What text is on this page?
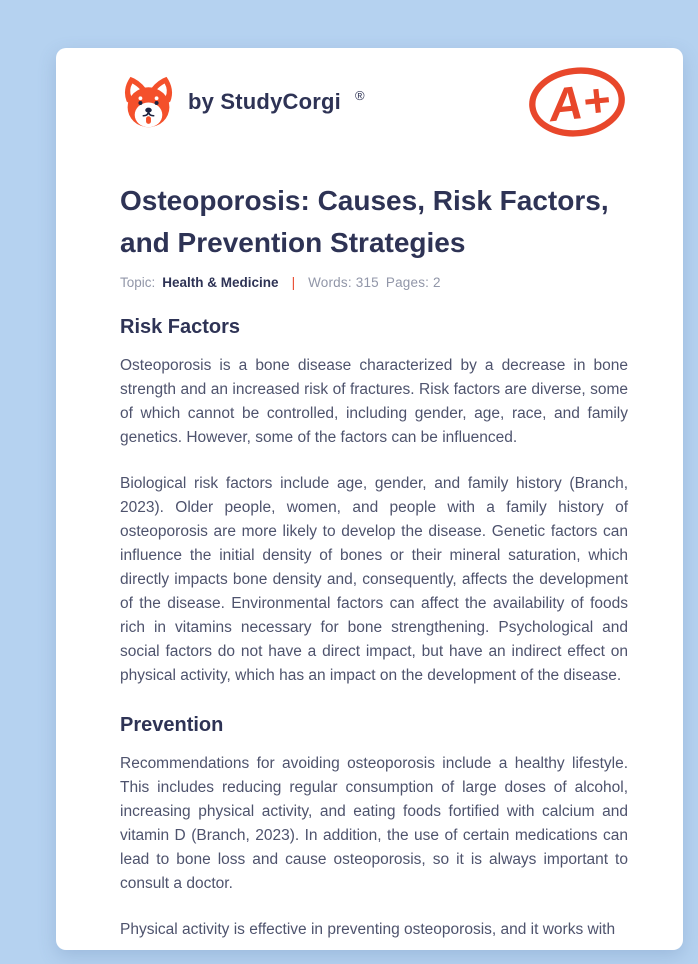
by StudyCorgi ®	A+
Osteoporosis: Causes, Risk Factors, and Prevention Strategies
Topic: Health & Medicine | Words: 315 Pages: 2
Risk Factors

Osteoporosis is a bone disease characterized by a decrease in bone strength and an increased risk of fractures. Risk factors are diverse, some of which cannot be controlled, including gender, age, race, and family genetics. However, some of the factors can be influenced.

Biological risk factors include age, gender, and family history (Branch, 2023). Older people, women, and people with a family history of osteoporosis are more likely to develop the disease. Genetic factors can influence the initial density of bones or their mineral saturation, which directly impacts bone density and, consequently, affects the development of the disease. Environmental factors can affect the availability of foods rich in vitamins necessary for bone strengthening. Psychological and social factors do not have a direct impact, but have an indirect effect on physical activity, which has an impact on the development of the disease.

Prevention

Recommendations for avoiding osteoporosis include a healthy lifestyle. This includes reducing regular consumption of large doses of alcohol, increasing physical activity, and eating foods fortified with calcium and vitamin D (Branch, 2023). In addition, the use of certain medications can lead to bone loss and cause osteoporosis, so it is always important to consult a doctor.

Physical activity is effective in preventing osteoporosis, and it works with
